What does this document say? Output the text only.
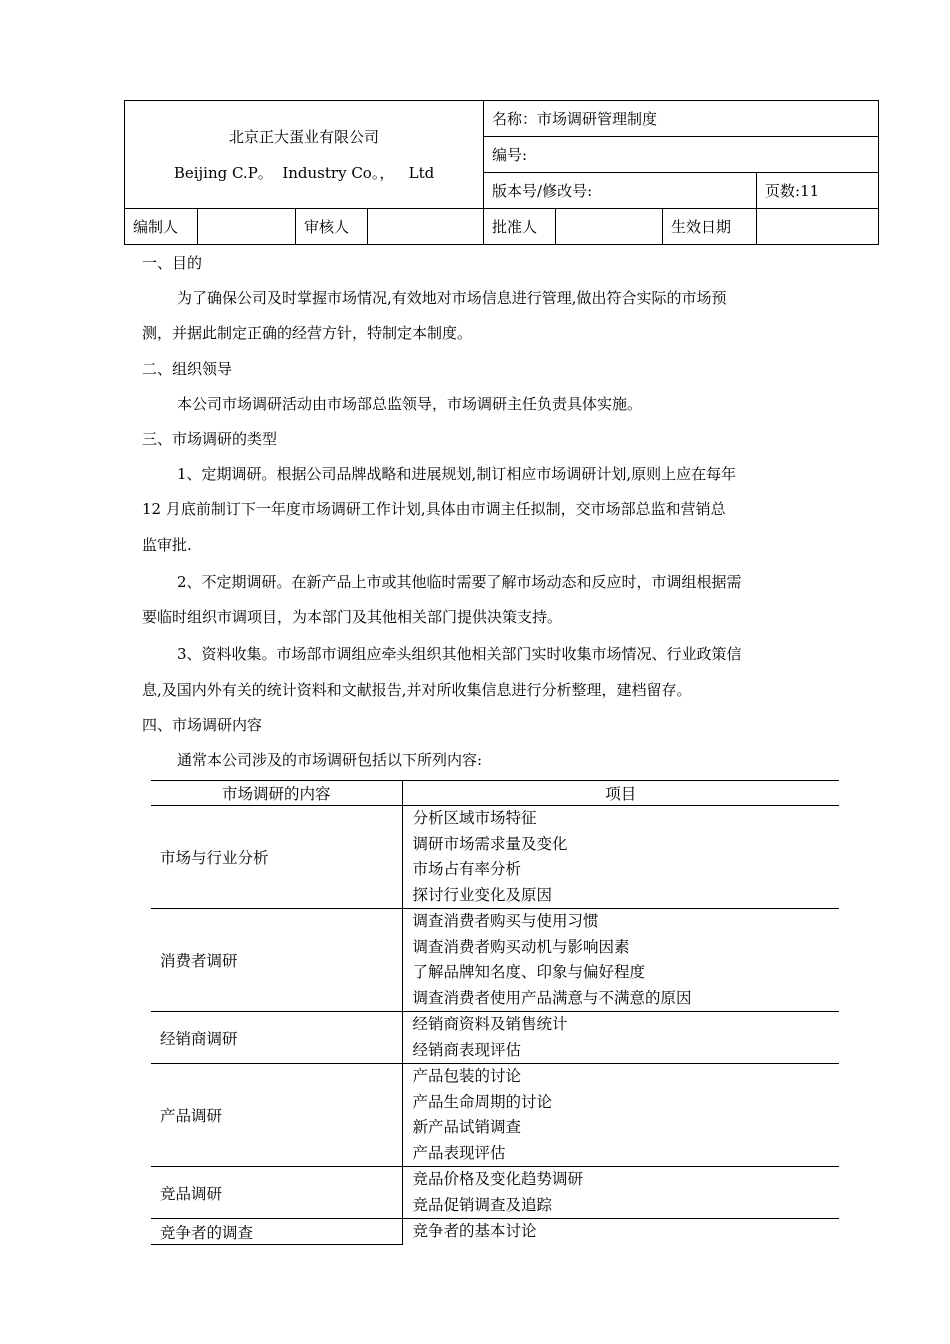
北京正大蛋业有限公司
Beijing C.P。  Industry Co。，   Ltd				名称：市场调研管理制度			
				编号:			
				版本号/修改号:			页数:11
编制人		审核人		批准人		生效日期	
一、目的
为了确保公司及时掌握市场情况,有效地对市场信息进行管理,做出符合实际的市场预
测，并据此制定正确的经营方针，特制定本制度。
二、组织领导
本公司市场调研活动由市场部总监领导，市场调研主任负责具体实施。
三、市场调研的类型
1、定期调研。根据公司品牌战略和进展规划,制订相应市场调研计划,原则上应在每年
12 月底前制订下一年度市场调研工作计划,具体由市调主任拟制，交市场部总监和营销总
监审批.
2、不定期调研。在新产品上市或其他临时需要了解市场动态和反应时，市调组根据需
要临时组织市调项目，为本部门及其他相关部门提供决策支持。
3、资料收集。市场部市调组应牵头组织其他相关部门实时收集市场情况、行业政策信
息,及国内外有关的统计资料和文献报告,并对所收集信息进行分析整理，建档留存。
四、市场调研内容
通常本公司涉及的市场调研包括以下所列内容:
市场调研的内容	项目
市场与行业分析	分析区域市场特征
调研市场需求量及变化
市场占有率分析
探讨行业变化及原因

消费者调研	调查消费者购买与使用习惯
调查消费者购买动机与影响因素
了解品牌知名度、印象与偏好程度
调查消费者使用产品满意与不满意的原因

经销商调研	经销商资料及销售统计
经销商表现评估

产品调研	产品包装的讨论
产品生命周期的讨论
新产品试销调查
产品表现评估

竞品调研	竞品价格及变化趋势调研
竞品促销调查及追踪

竞争者的调查	竞争者的基本讨论
